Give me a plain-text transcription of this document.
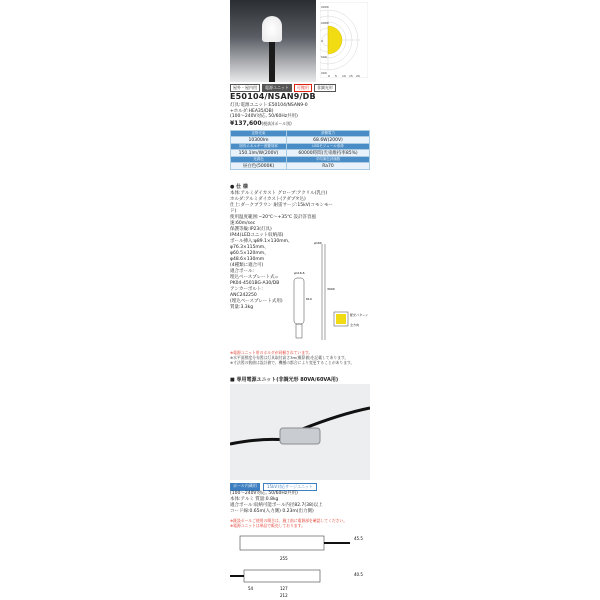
2000
1000
0
100
200
0 5 10 15 20
屋外・屋内用	電源ユニット	可搬用	非調光形
E50104/NSAN9/DB
灯具:電源ユニット:E50104/NSAN9-0
+ホルダ:HEA35/DB)
(100〜240V対応, 50/60Hz共用)
¥137,600(税抜)(ポール別)
定格光束	消費電力
10300lm	68.6W(200V)
固有エネルギー消費効率	LEDモジュール寿命
150.1lm/W(200V)	60000時間(光束維持率85%)
光源色	平均演色評価数
昼白色(5000K)	Ra70
● 仕 様
本体:アルミダイカスト グローブ:アクリル(乳白)
ホルダ:アルミダイカスト(アダプタ込)
仕上:ダークブラウン 耐雷サージ:15kV(コモンモード)
使用温度範囲:−20℃〜+35℃ 設計許容風速:60m/sec
保護等級:IP23(灯具)
IP44(LEDユニット収納部)
ポール挿入:φ89.1×130mm、
φ76.3×115mm、
φ60.5×120mm、
φ48.6×130mm
(4種類に適合可)
適合ポール:
埋込ベースプレート式=
PK04-4501BG-A30/DB
アンカーボルト:
ANC242250
(埋込ベースプレート式用)
質量:3.3kg
φ160
φ116.6
610
3000
配光パターン
全方向
※電源ユニット用のホルダが同梱されています。
※水平面照度分布図は灯具取付高さ3m(概算値)を記載してあります。
※寸法図の数値は設計値で、機種の都合により変更することがあります。
■ 専用電源ユニット(非調光形 80VA/60VA用)
ポール内蔵用	15kV対応サージユニット
(100〜240V対応, 50/60Hz共用)
本体:アルミ 質量:0.8kg
適合ポール:収納可能ポール内径82.7(38)以上
コード線:0.65m(入力側) 0.23m(出力側)
※既設ポールご使用の場合は、施工前に電源部を確認してください。
※電源ユニットは単品で販売しております。
255
45.5
40.5
127
54
212
